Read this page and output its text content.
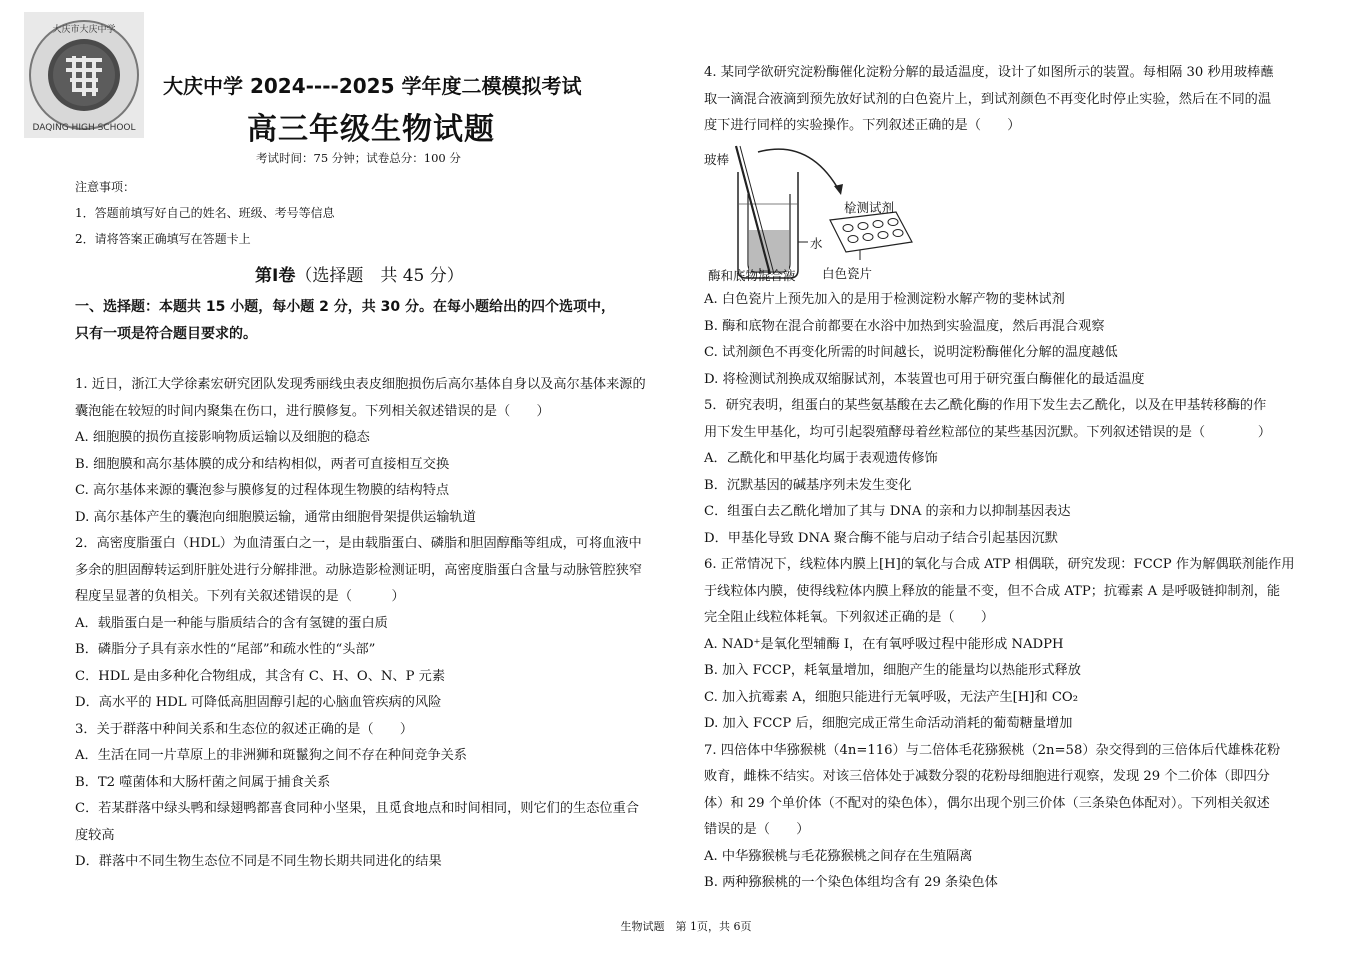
DAQING HIGH SCHOOL
大庆市大庆中学
大庆中学 2024----2025 学年度二模模拟考试
高三年级生物试题
考试时间：75 分钟；试卷总分：100 分
注意事项：
1．答题前填写好自己的姓名、班级、考号等信息
2．请将答案正确填写在答题卡上
第Ⅰ卷（选择题　共 45 分）
一、选择题：本题共 15 小题，每小题 2 分，共 30 分。在每小题给出的四个选项中，
只有一项是符合题目要求的。
1. 近日，浙江大学徐素宏研究团队发现秀丽线虫表皮细胞损伤后高尔基体自身以及高尔基体来源的
囊泡能在较短的时间内聚集在伤口，进行膜修复。下列相关叙述错误的是（　　）
A. 细胞膜的损伤直接影响物质运输以及细胞的稳态
B. 细胞膜和高尔基体膜的成分和结构相似，两者可直接相互交换
C. 高尔基体来源的囊泡参与膜修复的过程体现生物膜的结构特点
D. 高尔基体产生的囊泡向细胞膜运输，通常由细胞骨架提供运输轨道
2．高密度脂蛋白（HDL）为血清蛋白之一，是由载脂蛋白、磷脂和胆固醇酯等组成，可将血液中
多余的胆固醇转运到肝脏处进行分解排泄。动脉造影检测证明，高密度脂蛋白含量与动脉管腔狭窄
程度呈显著的负相关。下列有关叙述错误的是（　　　）
A．载脂蛋白是一种能与脂质结合的含有氢键的蛋白质
B．磷脂分子具有亲水性的“尾部”和疏水性的“头部”
C．HDL 是由多种化合物组成，其含有 C、H、O、N、P 元素
D．高水平的 HDL 可降低高胆固醇引起的心脑血管疾病的风险
3．关于群落中种间关系和生态位的叙述正确的是（　　）
A．生活在同一片草原上的非洲狮和斑鬣狗之间不存在种间竞争关系
B．T2 噬菌体和大肠杆菌之间属于捕食关系
C．若某群落中绿头鸭和绿翅鸭都喜食同种小坚果，且觅食地点和时间相同，则它们的生态位重合
度较高
D．群落中不同生物生态位不同是不同生物长期共同进化的结果
4. 某同学欲研究淀粉酶催化淀粉分解的最适温度，设计了如图所示的装置。每相隔 30 秒用玻棒蘸
取一滴混合液滴到预先放好试剂的白色瓷片上，到试剂颜色不再变化时停止实验，然后在不同的温
度下进行同样的实验操作。下列叙述正确的是（　　）
玻棒
检测试剂
水
酶和底物混合液 白色瓷片
A. 白色瓷片上预先加入的是用于检测淀粉水解产物的斐林试剂
B. 酶和底物在混合前都要在水浴中加热到实验温度，然后再混合观察
C. 试剂颜色不再变化所需的时间越长，说明淀粉酶催化分解的温度越低
D. 将检测试剂换成双缩脲试剂，本装置也可用于研究蛋白酶催化的最适温度
5．研究表明，组蛋白的某些氨基酸在去乙酰化酶的作用下发生去乙酰化，以及在甲基转移酶的作
用下发生甲基化，均可引起裂殖酵母着丝粒部位的某些基因沉默。下列叙述错误的是（　　　　）
A．乙酰化和甲基化均属于表观遗传修饰
B．沉默基因的碱基序列未发生变化
C．组蛋白去乙酰化增加了其与 DNA 的亲和力以抑制基因表达
D．甲基化导致 DNA 聚合酶不能与启动子结合引起基因沉默
6. 正常情况下，线粒体内膜上[H]的氧化与合成 ATP 相偶联，研究发现：FCCP 作为解偶联剂能作用
于线粒体内膜，使得线粒体内膜上释放的能量不变，但不合成 ATP；抗霉素 A 是呼吸链抑制剂，能
完全阻止线粒体耗氧。下列叙述正确的是（　　）
A. NAD⁺是氧化型辅酶 I，在有氧呼吸过程中能形成 NADPH
B. 加入 FCCP，耗氧量增加，细胞产生的能量均以热能形式释放
C. 加入抗霉素 A，细胞只能进行无氧呼吸，无法产生[H]和 CO₂
D. 加入 FCCP 后，细胞完成正常生命活动消耗的葡萄糖量增加
7. 四倍体中华猕猴桃（4n=116）与二倍体毛花猕猴桃（2n=58）杂交得到的三倍体后代雄株花粉
败育，雌株不结实。对该三倍体处于减数分裂的花粉母细胞进行观察，发现 29 个二价体（即四分
体）和 29 个单价体（不配对的染色体），偶尔出现个别三价体（三条染色体配对）。下列相关叙述
错误的是（　　）
A. 中华猕猴桃与毛花猕猴桃之间存在生殖隔离
B. 两种猕猴桃的一个染色体组均含有 29 条染色体
生物试题　第 1页，共 6页
